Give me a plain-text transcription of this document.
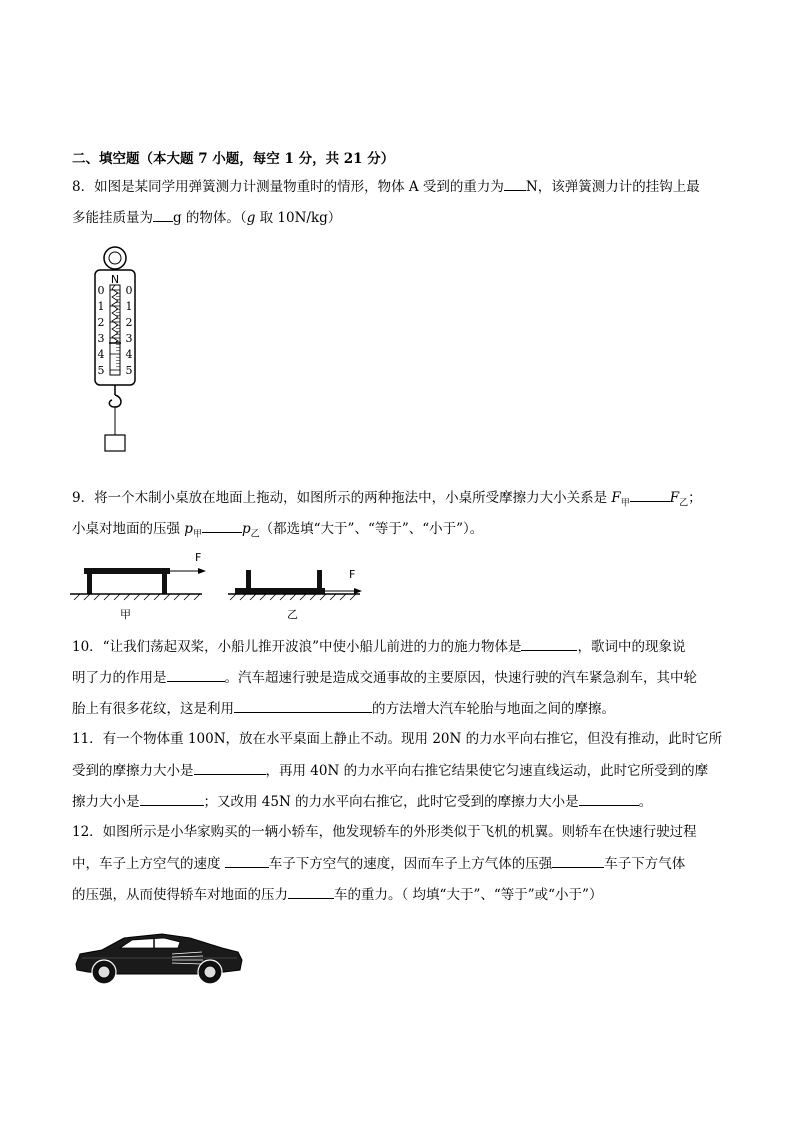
二、填空题（本大题 7 小题，每空 1 分，共 21 分）
8．如图是某同学用弹簧测力计测量物重时的情形，物体 A 受到的重力为 N，该弹簧测力计的挂钩上最
多能挂质量为 g 的物体。（g 取 10N/kg）
N
0 0
1 1
2 2
3 3
4 4
5 5
9．将一个木制小桌放在地面上拖动，如图所示的两种拖法中，小桌所受摩擦力大小关系是 $F_甲$	$F_乙$；
小桌对地面的压强 $p_甲$	$p_乙$（都选填“大于”、“等于”、“小于”）。
F
甲
F
乙
10．“让我们荡起双桨，小船儿推开波浪”中使小船儿前进的力的施力物体是	，歌词中的现象说
明了力的作用是	。汽车超速行驶是造成交通事故的主要原因，快速行驶的汽车紧急刹车，其中轮
胎上有很多花纹，这是利用	的方法增大汽车轮胎与地面之间的摩擦。
11．有一个物体重 100N，放在水平桌面上静止不动。现用 20N 的力水平向右推它，但没有推动，此时它所
受到的摩擦力大小是	，再用 40N 的力水平向右推它结果使它匀速直线运动，此时它所受到的摩
擦力大小是	；又改用 45N 的力水平向右推它，此时它受到的摩擦力大小是	。
12．如图所示是小华家购买的一辆小轿车，他发现轿车的外形类似于飞机的机翼。则轿车在快速行驶过程
中，车子上方空气的速度	车子下方空气的速度，因而车子上方气体的压强	车子下方气体
的压强，从而使得轿车对地面的压力	车的重力。（ 均填“大于”、“等于”或“小于”）
